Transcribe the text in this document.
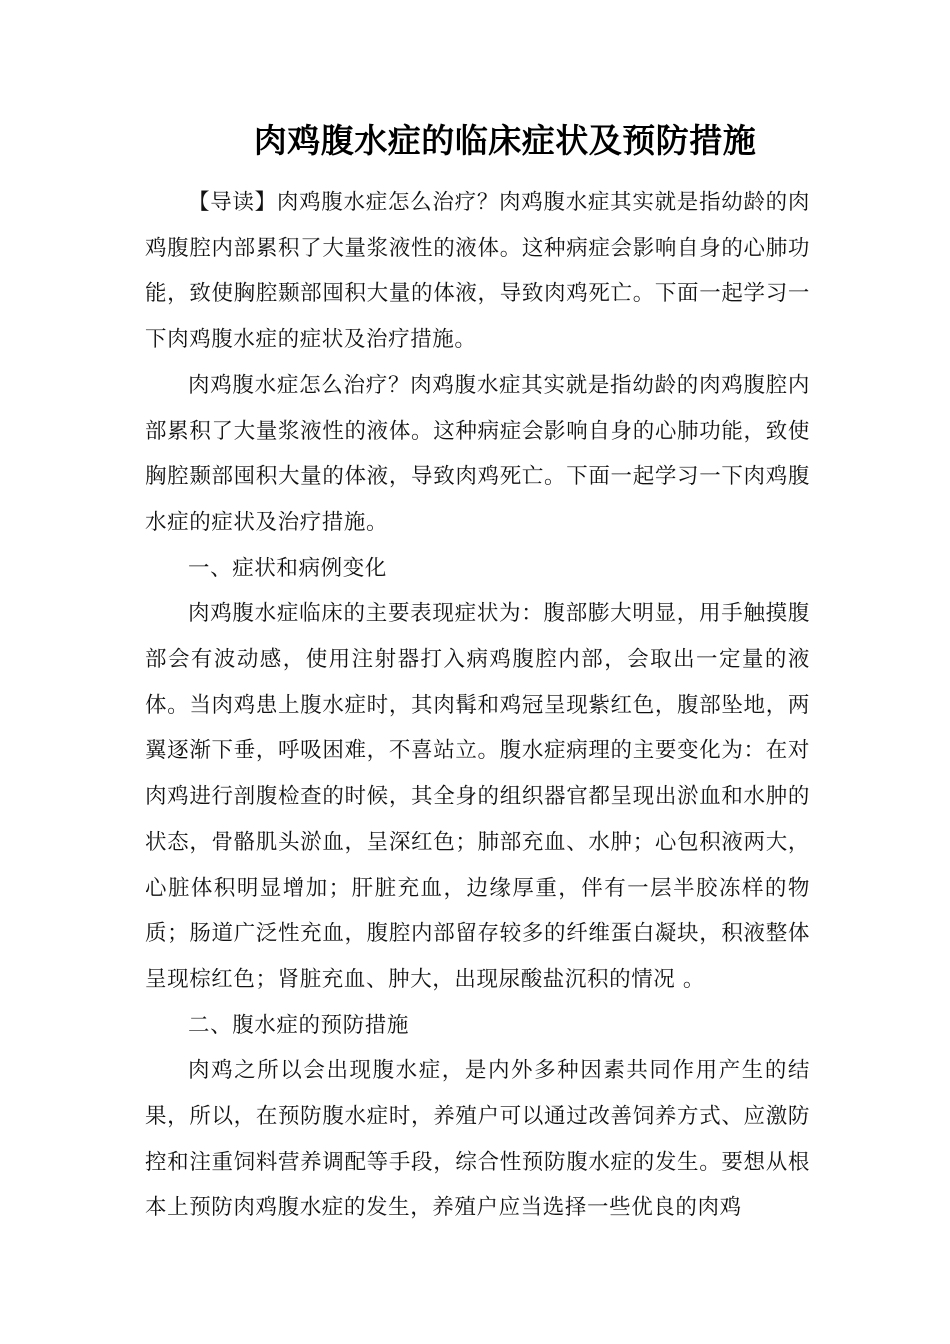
肉鸡腹水症的临床症状及预防措施

【导读】肉鸡腹水症怎么治疗？肉鸡腹水症其实就是指幼龄的肉鸡腹腔内部累积了大量浆液性的液体。这种病症会影响自身的心肺功能，致使胸腔颞部囤积大量的体液，导致肉鸡死亡。下面一起学习一下肉鸡腹水症的症状及治疗措施。

肉鸡腹水症怎么治疗？肉鸡腹水症其实就是指幼龄的肉鸡腹腔内部累积了大量浆液性的液体。这种病症会影响自身的心肺功能，致使胸腔颞部囤积大量的体液，导致肉鸡死亡。下面一起学习一下肉鸡腹水症的症状及治疗措施。

一、症状和病例变化

肉鸡腹水症临床的主要表现症状为：腹部膨大明显，用手触摸腹部会有波动感，使用注射器打入病鸡腹腔内部，会取出一定量的液体。当肉鸡患上腹水症时，其肉髯和鸡冠呈现紫红色，腹部坠地，两翼逐渐下垂，呼吸困难，不喜站立。腹水症病理的主要变化为：在对肉鸡进行剖腹检查的时候，其全身的组织器官都呈现出淤血和水肿的状态，骨骼肌头淤血，呈深红色；肺部充血、水肿；心包积液两大，心脏体积明显增加；肝脏充血，边缘厚重，伴有一层半胶冻样的物质；肠道广泛性充血，腹腔内部留存较多的纤维蛋白凝块，积液整体呈现棕红色；肾脏充血、肿大，出现尿酸盐沉积的情况 。

二、腹水症的预防措施

肉鸡之所以会出现腹水症，是内外多种因素共同作用产生的结果，所以，在预防腹水症时，养殖户可以通过改善饲养方式、应激防控和注重饲料营养调配等手段，综合性预防腹水症的发生。要想从根本上预防肉鸡腹水症的发生，养殖户应当选择一些优良的肉鸡
